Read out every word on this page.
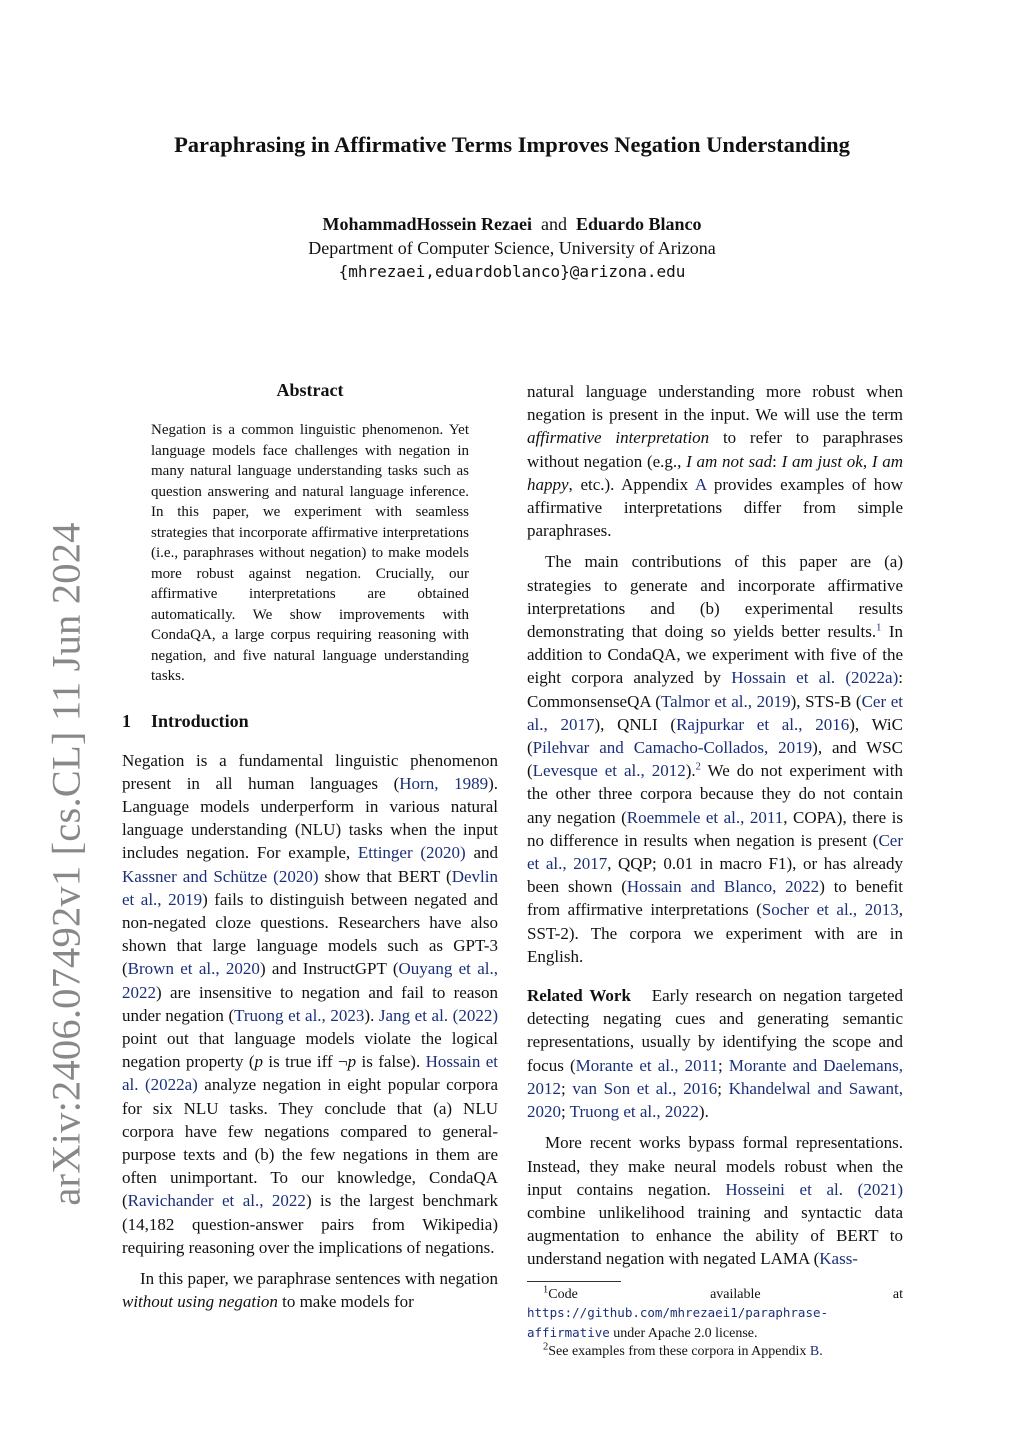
arXiv:2406.07492v1 [cs.CL] 11 Jun 2024
Paraphrasing in Affirmative Terms Improves Negation Understanding
MohammadHossein Rezaei and Eduardo Blanco
Department of Computer Science, University of Arizona
{mhrezaei,eduardoblanco}@arizona.edu
Abstract

Negation is a common linguistic phenomenon. Yet language models face challenges with negation in many natural language understanding tasks such as question answering and natural language inference. In this paper, we experiment with seamless strategies that incorporate affirmative interpretations (i.e., paraphrases without negation) to make models more robust against negation. Crucially, our affirmative interpretations are obtained automatically. We show improvements with CondaQA, a large corpus requiring reasoning with negation, and five natural language understanding tasks.

1 Introduction

Negation is a fundamental linguistic phenomenon present in all human languages (Horn, 1989). Language models underperform in various natural language understanding (NLU) tasks when the input includes negation. For example, Ettinger (2020) and Kassner and Schütze (2020) show that BERT (Devlin et al., 2019) fails to distinguish between negated and non-negated cloze questions. Researchers have also shown that large language models such as GPT-3 (Brown et al., 2020) and InstructGPT (Ouyang et al., 2022) are insensitive to negation and fail to reason under negation (Truong et al., 2023). Jang et al. (2022) point out that language models violate the logical negation property (p is true iff ¬p is false). Hossain et al. (2022a) analyze negation in eight popular corpora for six NLU tasks. They conclude that (a) NLU corpora have few negations compared to general-purpose texts and (b) the few negations in them are often unimportant. To our knowledge, CondaQA (Ravichander et al., 2022) is the largest benchmark (14,182 question-answer pairs from Wikipedia) requiring reasoning over the implications of negations.

In this paper, we paraphrase sentences with negation without using negation to make models for

natural language understanding more robust when negation is present in the input. We will use the term affirmative interpretation to refer to paraphrases without negation (e.g., I am not sad: I am just ok, I am happy, etc.). Appendix A provides examples of how affirmative interpretations differ from simple paraphrases.

The main contributions of this paper are (a) strategies to generate and incorporate affirmative interpretations and (b) experimental results demonstrating that doing so yields better results.$^1$ In addition to CondaQA, we experiment with five of the eight corpora analyzed by Hossain et al. (2022a): CommonsenseQA (Talmor et al., 2019), STS-B (Cer et al., 2017), QNLI (Rajpurkar et al., 2016), WiC (Pilehvar and Camacho-Collados, 2019), and WSC (Levesque et al., 2012).$^2$ We do not experiment with the other three corpora because they do not contain any negation (Roemmele et al., 2011, COPA), there is no difference in results when negation is present (Cer et al., 2017, QQP; 0.01 in macro F1), or has already been shown (Hossain and Blanco, 2022) to benefit from affirmative interpretations (Socher et al., 2013, SST-2). The corpora we experiment with are in English.

Related Work Early research on negation targeted detecting negating cues and generating semantic representations, usually by identifying the scope and focus (Morante et al., 2011; Morante and Daelemans, 2012; van Son et al., 2016; Khandelwal and Sawant, 2020; Truong et al., 2022).

More recent works bypass formal representations. Instead, they make neural models robust when the input contains negation. Hosseini et al. (2021) combine unlikelihood training and syntactic data augmentation to enhance the ability of BERT to understand negation with negated LAMA (Kass-

$^1$Code available at https://github.com/mhrezaei1/paraphrase-affirmative under Apache 2.0 license.

$^2$See examples from these corpora in Appendix B.
